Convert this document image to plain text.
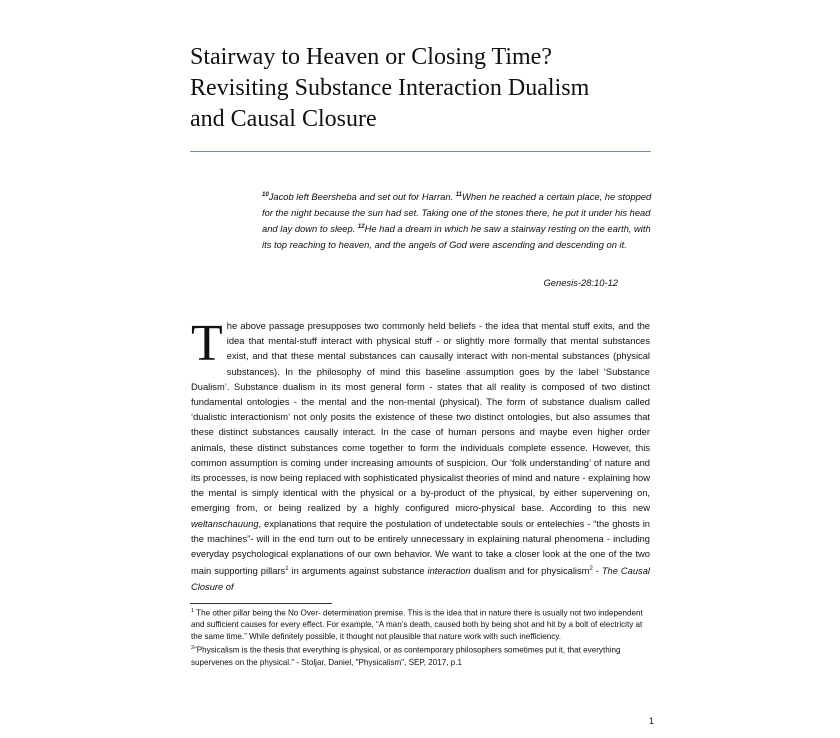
Stairway to Heaven or Closing Time?
Revisiting Substance Interaction Dualism
and Causal Closure
$^{10}$Jacob left Beersheba and set out for Harran. $^{11}$When he reached a certain place, he stopped for the night because the sun had set. Taking one of the stones there, he put it under his head and lay down to sleep. $^{12}$He had a dream in which he saw a stairway resting on the earth, with its top reaching to heaven, and the angels of God were ascending and descending on it.
Genesis-28:10-12
The above passage presupposes two commonly held beliefs - the idea that mental stuff exits, and the idea that mental-stuff interact with physical stuff - or slightly more formally that mental substances exist, and that these mental substances can causally interact with non-mental substances (physical substances). In the philosophy of mind this baseline assumption goes by the label ‘Substance Dualism’. Substance dualism in its most general form - states that all reality is composed of two distinct fundamental ontologies - the mental and the non-mental (physical). The form of substance dualism called ‘dualistic interactionism’ not only posits the existence of these two distinct ontologies, but also assumes that these distinct substances causally interact. In the case of human persons and maybe even higher order animals, these distinct substances come together to form the individuals complete essence. However, this common assumption is coming under increasing amounts of suspicion. Our ‘folk understanding’ of nature and its processes, is now being replaced with sophisticated physicalist theories of mind and nature - explaining how the mental is simply identical with the physical or a by-product of the physical, by either supervening on, emerging from, or being realized by a highly configured micro-physical base. According to this new weltanschauung, explanations that require the postulation of undetectable souls or entelechies - “the ghosts in the machines”- will in the end turn out to be entirely unnecessary in explaining natural phenomena - including everyday psychological explanations of our own behavior. We want to take a closer look at the one of the two main supporting pillars$^1$ in arguments against substance interaction dualism and for physicalism$^2$ - The Causal Closure of
$^1$ The other pillar being the No Over- determination premise. This is the idea that in nature there is usually not two independent and sufficient causes for every effect. For example, “A man’s death, caused both by being shot and hit by a bolt of electricity at the same time.” While definitely possible, it thought not plausible that nature work with such inefficiency.
$^2$“Physicalism is the thesis that everything is physical, or as contemporary philosophers sometimes put it, that everything supervenes on the physical.” - Stoljar, Daniel, "Physicalism", SEP, 2017, p.1
1
